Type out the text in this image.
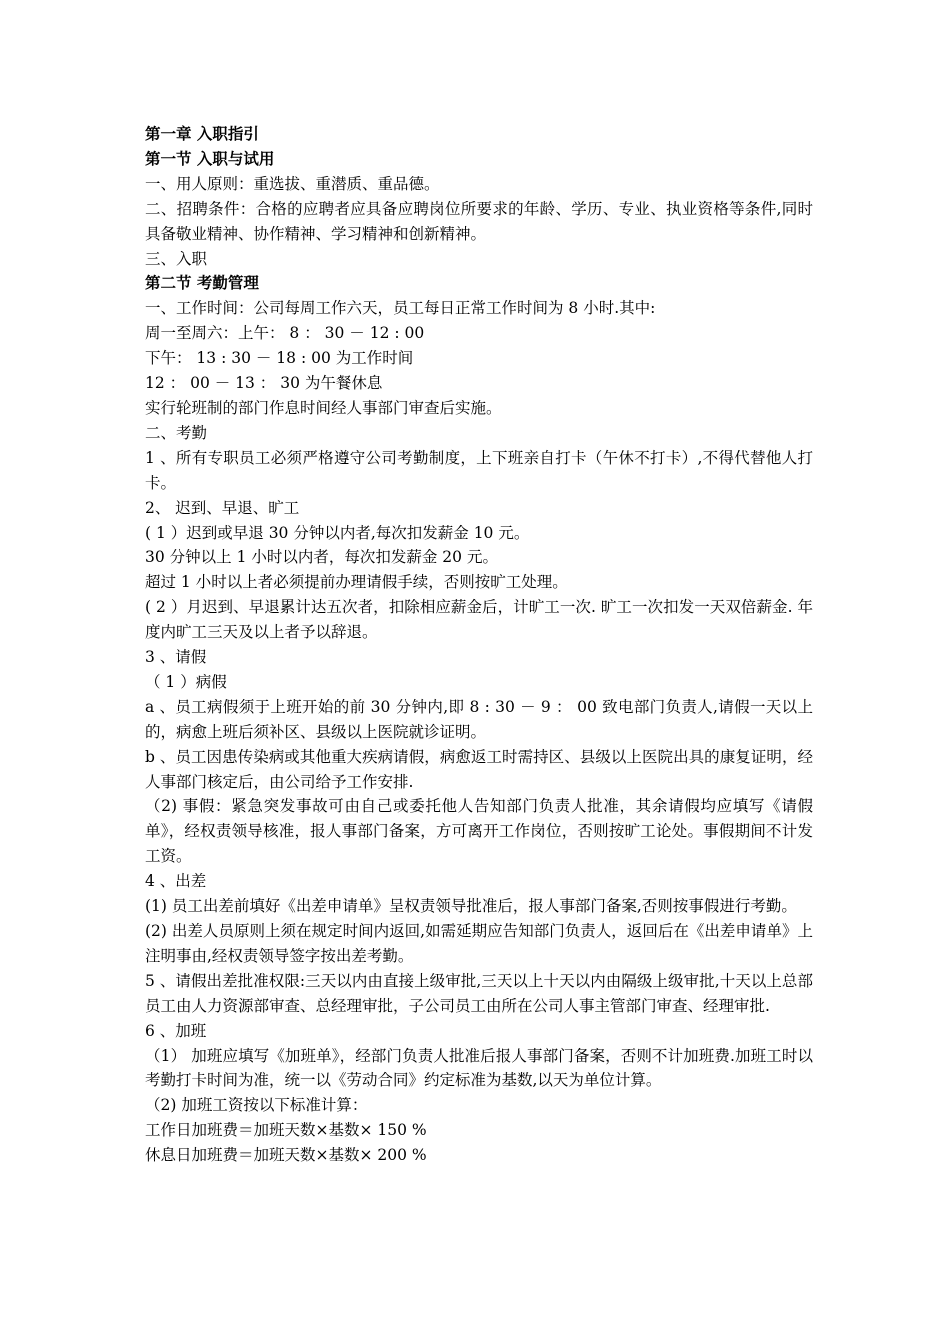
第一章 入职指引

第一节 入职与试用

一、用人原则：重选拔、重潜质、重品德。

二、招聘条件：合格的应聘者应具备应聘岗位所要求的年龄、学历、专业、执业资格等条件,同时具备敬业精神、协作精神、学习精神和创新精神。

三、入职

第二节 考勤管理

一、工作时间：公司每周工作六天，员工每日正常工作时间为 8 小时.其中:

周一至周六：上午： 8 ： 30 － 12 : 00

下午： 13 : 30 － 18 : 00 为工作时间

12 ： 00 － 13 ： 30 为午餐休息

实行轮班制的部门作息时间经人事部门审查后实施。

二、考勤

1 、所有专职员工必须严格遵守公司考勤制度，上下班亲自打卡（午休不打卡）,不得代替他人打卡。

2、 迟到、早退、旷工

( 1 ）迟到或早退 30 分钟以内者,每次扣发薪金 10 元。

30 分钟以上 1 小时以内者，每次扣发薪金 20 元。

超过 1 小时以上者必须提前办理请假手续，否则按旷工处理。

( 2 ）月迟到、早退累计达五次者，扣除相应薪金后，计旷工一次. 旷工一次扣发一天双倍薪金. 年度内旷工三天及以上者予以辞退。

3 、请假

（ 1 ）病假

a 、员工病假须于上班开始的前 30 分钟内,即 8 : 30 － 9 ： 00 致电部门负责人,请假一天以上的，病愈上班后须补区、县级以上医院就诊证明。

b 、员工因患传染病或其他重大疾病请假，病愈返工时需持区、县级以上医院出具的康复证明，经人事部门核定后，由公司给予工作安排.

（2) 事假：紧急突发事故可由自己或委托他人告知部门负责人批准，其余请假均应填写《请假单》，经权责领导核准，报人事部门备案，方可离开工作岗位，否则按旷工论处。事假期间不计发工资。

4 、出差

(1) 员工出差前填好《出差申请单》呈权责领导批准后，报人事部门备案,否则按事假进行考勤。

(2) 出差人员原则上须在规定时间内返回,如需延期应告知部门负责人，返回后在《出差申请单》上注明事由,经权责领导签字按出差考勤。

5 、请假出差批准权限:三天以内由直接上级审批,三天以上十天以内由隔级上级审批,十天以上总部员工由人力资源部审查、总经理审批，子公司员工由所在公司人事主管部门审查、经理审批.

6 、加班

（1） 加班应填写《加班单》，经部门负责人批准后报人事部门备案，否则不计加班费.加班工时以考勤打卡时间为准，统一以《劳动合同》约定标准为基数,以天为单位计算。

（2) 加班工资按以下标准计算：

工作日加班费＝加班天数×基数× 150 %

休息日加班费＝加班天数×基数× 200 %
